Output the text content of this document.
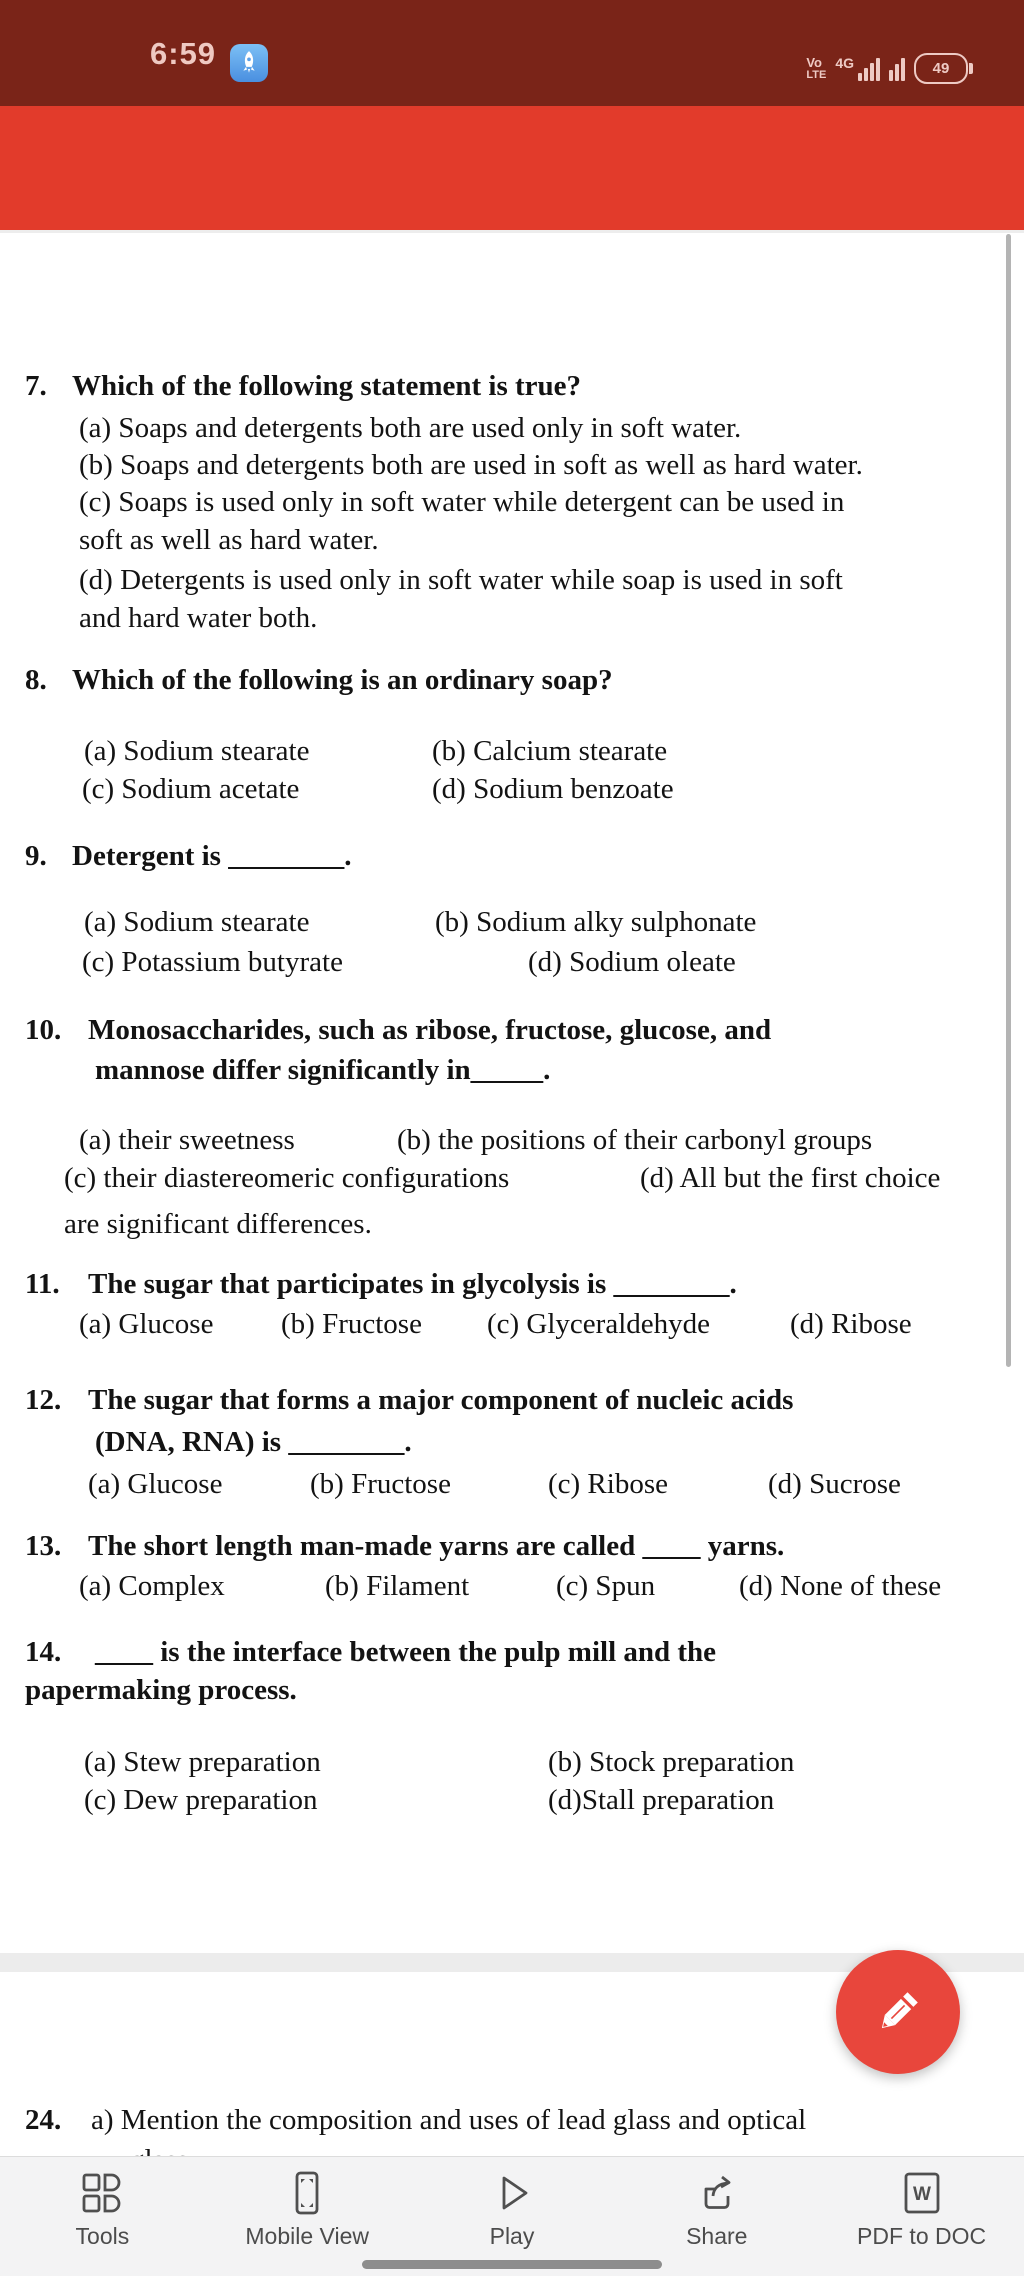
6:59	Vo
LTE
4G	49
7. Which of the following statement is true?
(a) Soaps and detergents both are used only in soft water.
(b) Soaps and detergents both are used in soft as well as hard water.
(c) Soaps is used only in soft water while detergent can be used in
soft as well as hard water.
(d) Detergents is used only in soft water while soap is used in soft
and hard water both.
8. Which of the following is an ordinary soap?
(a) Sodium stearate	(b) Calcium stearate
(c) Sodium acetate	(d) Sodium benzoate
9. Detergent is ________.
(a) Sodium stearate	(b) Sodium alky sulphonate
(c) Potassium butyrate	(d) Sodium oleate
10. Monosaccharides, such as ribose, fructose, glucose, and
mannose differ significantly in_____.
(a) their sweetness	(b) the positions of their carbonyl groups
(c) their diastereomeric configurations	(d) All but the first choice
are significant differences.
11. The sugar that participates in glycolysis is ________.
(a) Glucose (b) Fructose (c) Glyceraldehyde	(d) Ribose
12. The sugar that forms a major component of nucleic acids
(DNA, RNA) is ________.
(a) Glucose	(b) Fructose	(c) Ribose	(d) Sucrose
13. The short length man-made yarns are called ____ yarns.
(a) Complex	(b) Filament	(c) Spun	(d) None of these
14. ____ is the interface between the pulp mill and the
papermaking process.
(a) Stew preparation	(b) Stock preparation
(c) Dew preparation	(d)Stall preparation
24. a) Mention the composition and uses of lead glass and optical
Tools	Mobile View	Play	Share
W
PDF to DOC
